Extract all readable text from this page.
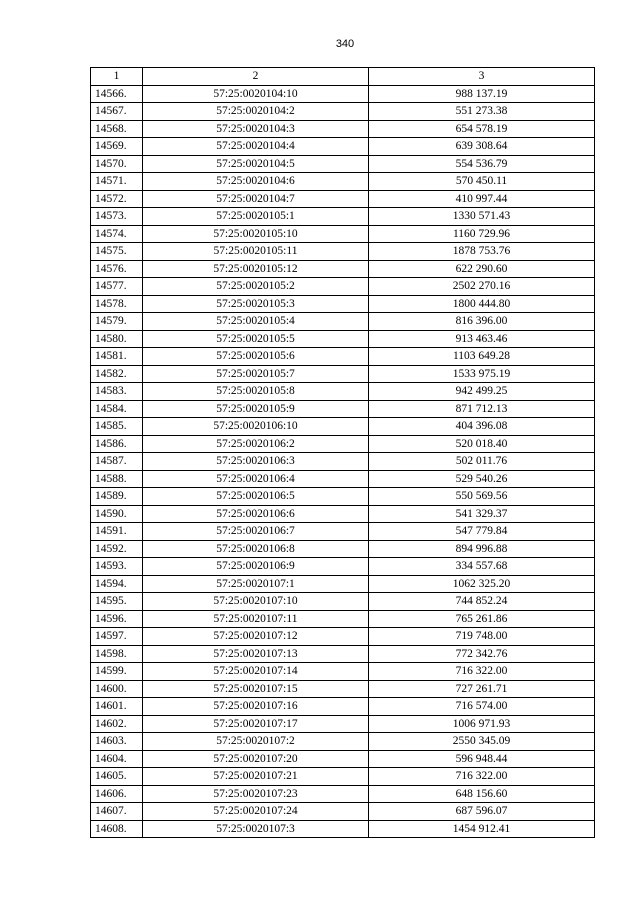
340
1	2	3
14566.	57:25:0020104:10	988 137.19
14567.	57:25:0020104:2	551 273.38
14568.	57:25:0020104:3	654 578.19
14569.	57:25:0020104:4	639 308.64
14570.	57:25:0020104:5	554 536.79
14571.	57:25:0020104:6	570 450.11
14572.	57:25:0020104:7	410 997.44
14573.	57:25:0020105:1	1330 571.43
14574.	57:25:0020105:10	1160 729.96
14575.	57:25:0020105:11	1878 753.76
14576.	57:25:0020105:12	622 290.60
14577.	57:25:0020105:2	2502 270.16
14578.	57:25:0020105:3	1800 444.80
14579.	57:25:0020105:4	816 396.00
14580.	57:25:0020105:5	913 463.46
14581.	57:25:0020105:6	1103 649.28
14582.	57:25:0020105:7	1533 975.19
14583.	57:25:0020105:8	942 499.25
14584.	57:25:0020105:9	871 712.13
14585.	57:25:0020106:10	404 396.08
14586.	57:25:0020106:2	520 018.40
14587.	57:25:0020106:3	502 011.76
14588.	57:25:0020106:4	529 540.26
14589.	57:25:0020106:5	550 569.56
14590.	57:25:0020106:6	541 329.37
14591.	57:25:0020106:7	547 779.84
14592.	57:25:0020106:8	894 996.88
14593.	57:25:0020106:9	334 557.68
14594.	57:25:0020107:1	1062 325.20
14595.	57:25:0020107:10	744 852.24
14596.	57:25:0020107:11	765 261.86
14597.	57:25:0020107:12	719 748.00
14598.	57:25:0020107:13	772 342.76
14599.	57:25:0020107:14	716 322.00
14600.	57:25:0020107:15	727 261.71
14601.	57:25:0020107:16	716 574.00
14602.	57:25:0020107:17	1006 971.93
14603.	57:25:0020107:2	2550 345.09
14604.	57:25:0020107:20	596 948.44
14605.	57:25:0020107:21	716 322.00
14606.	57:25:0020107:23	648 156.60
14607.	57:25:0020107:24	687 596.07
14608.	57:25:0020107:3	1454 912.41
